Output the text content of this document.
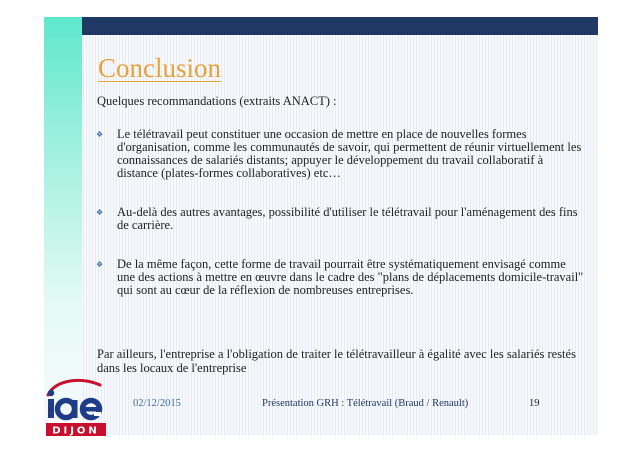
Conclusion
Quelques recommandations (extraits ANACT) :
❖ Le télétravail peut constituer une occasion de mettre en place de nouvelles formes d'organisation, comme les communautés de savoir, qui permettent de réunir virtuellement les connaissances de salariés distants; appuyer le développement du travail collaboratif à distance (plates-formes collaboratives) etc…
❖ Au-delà des autres avantages, possibilité d'utiliser le télétravail pour l'aménagement des fins de carrière.
❖ De la même façon, cette forme de travail pourrait être systématiquement envisagé comme une des actions à mettre en œuvre dans le cadre des "plans de déplacements domicile-travail" qui sont au cœur de la réflexion de nombreuses entreprises.
Par ailleurs, l'entreprise a l'obligation de traiter le télétravailleur à égalité avec les salariés restés dans les locaux de l'entreprise
02/12/2015	Présentation GRH : Télétravail (Braud / Renault)	19
DIJON
